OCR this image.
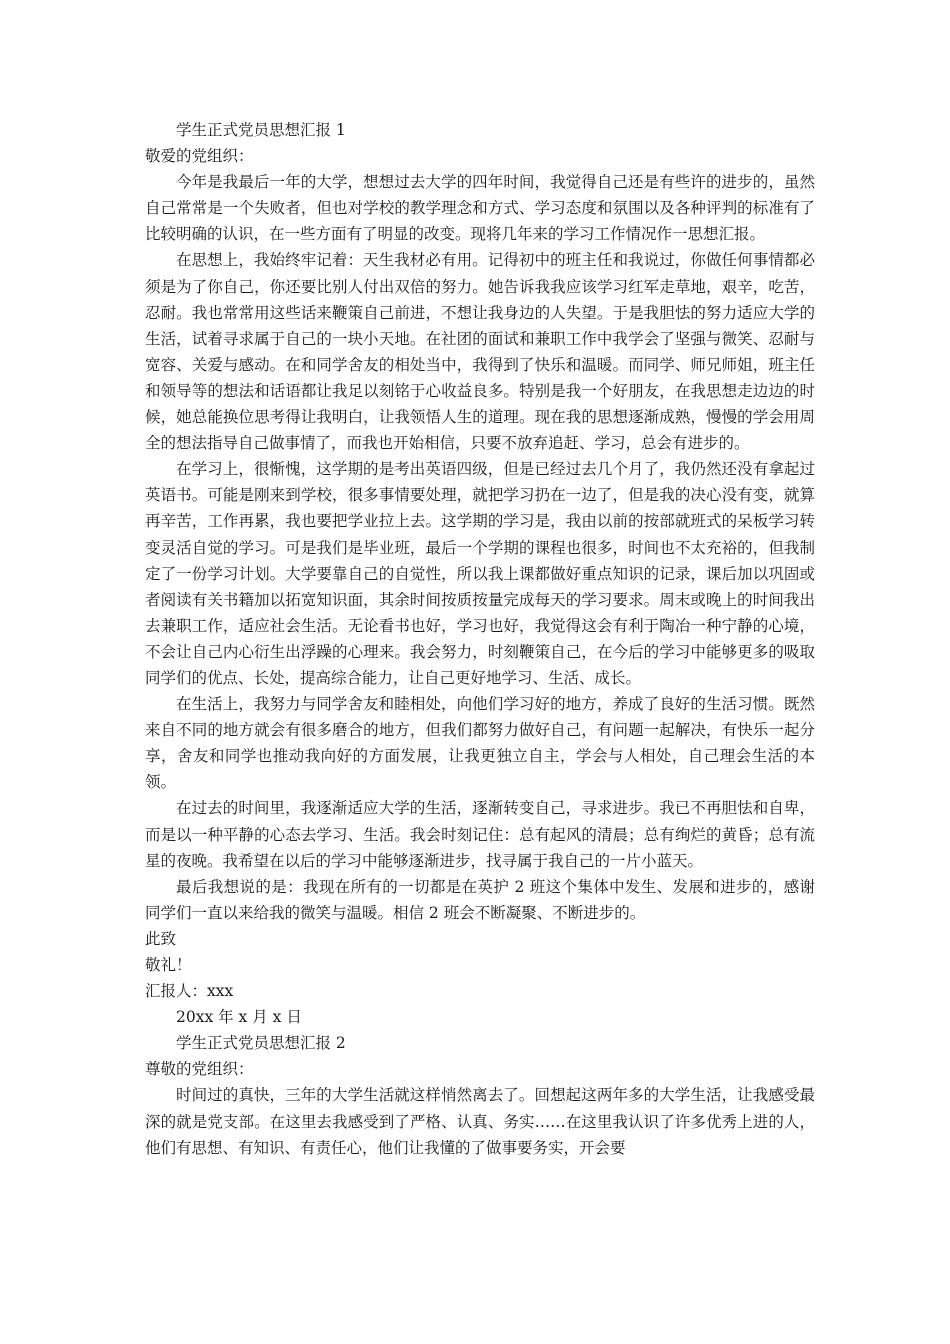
学生正式党员思想汇报 1

敬爱的党组织：

今年是我最后一年的大学，想想过去大学的四年时间，我觉得自己还是有些许的进步的，虽然自己常常是一个失败者，但也对学校的教学理念和方式、学习态度和氛围以及各种评判的标准有了比较明确的认识，在一些方面有了明显的改变。现将几年来的学习工作情况作一思想汇报。

在思想上，我始终牢记着：天生我材必有用。记得初中的班主任和我说过，你做任何事情都必须是为了你自己，你还要比别人付出双倍的努力。她告诉我我应该学习红军走草地，艰辛，吃苦，忍耐。我也常常用这些话来鞭策自己前进，不想让我身边的人失望。于是我胆怯的努力适应大学的生活，试着寻求属于自己的一块小天地。在社团的面试和兼职工作中我学会了坚强与微笑、忍耐与宽容、关爱与感动。在和同学舍友的相处当中，我得到了快乐和温暖。而同学、师兄师姐，班主任和领导等的想法和话语都让我足以刻铭于心收益良多。特别是我一个好朋友，在我思想走边边的时候，她总能换位思考得让我明白，让我领悟人生的道理。现在我的思想逐渐成熟，慢慢的学会用周全的想法指导自己做事情了，而我也开始相信，只要不放弃追赶、学习，总会有进步的。

在学习上，很惭愧，这学期的是考出英语四级，但是已经过去几个月了，我仍然还没有拿起过英语书。可能是刚来到学校，很多事情要处理，就把学习扔在一边了，但是我的决心没有变，就算再辛苦，工作再累，我也要把学业拉上去。这学期的学习是，我由以前的按部就班式的呆板学习转变灵活自觉的学习。可是我们是毕业班，最后一个学期的课程也很多，时间也不太充裕的，但我制定了一份学习计划。大学要靠自己的自觉性，所以我上课都做好重点知识的记录，课后加以巩固或者阅读有关书籍加以拓宽知识面，其余时间按质按量完成每天的学习要求。周末或晚上的时间我出去兼职工作，适应社会生活。无论看书也好，学习也好，我觉得这会有利于陶冶一种宁静的心境，不会让自己内心衍生出浮躁的心理来。我会努力，时刻鞭策自己，在今后的学习中能够更多的吸取同学们的优点、长处，提高综合能力，让自己更好地学习、生活、成长。

在生活上，我努力与同学舍友和睦相处，向他们学习好的地方，养成了良好的生活习惯。既然来自不同的地方就会有很多磨合的地方，但我们都努力做好自己，有问题一起解决，有快乐一起分享，舍友和同学也推动我向好的方面发展，让我更独立自主，学会与人相处，自己理会生活的本领。

在过去的时间里，我逐渐适应大学的生活，逐渐转变自己，寻求进步。我已不再胆怯和自卑，而是以一种平静的心态去学习、生活。我会时刻记住：总有起风的清晨；总有绚烂的黄昏；总有流星的夜晚。我希望在以后的学习中能够逐渐进步，找寻属于我自己的一片小蓝天。

最后我想说的是：我现在所有的一切都是在英护 2 班这个集体中发生、发展和进步的，感谢同学们一直以来给我的微笑与温暖。相信 2 班会不断凝聚、不断进步的。

此致

敬礼！

汇报人：xxx

20xx 年 x 月 x 日

学生正式党员思想汇报 2

尊敬的党组织：

时间过的真快，三年的大学生活就这样悄然离去了。回想起这两年多的大学生活，让我感受最深的就是党支部。在这里去我感受到了严格、认真、务实……在这里我认识了许多优秀上进的人，他们有思想、有知识、有责任心，他们让我懂的了做事要务实，开会要
